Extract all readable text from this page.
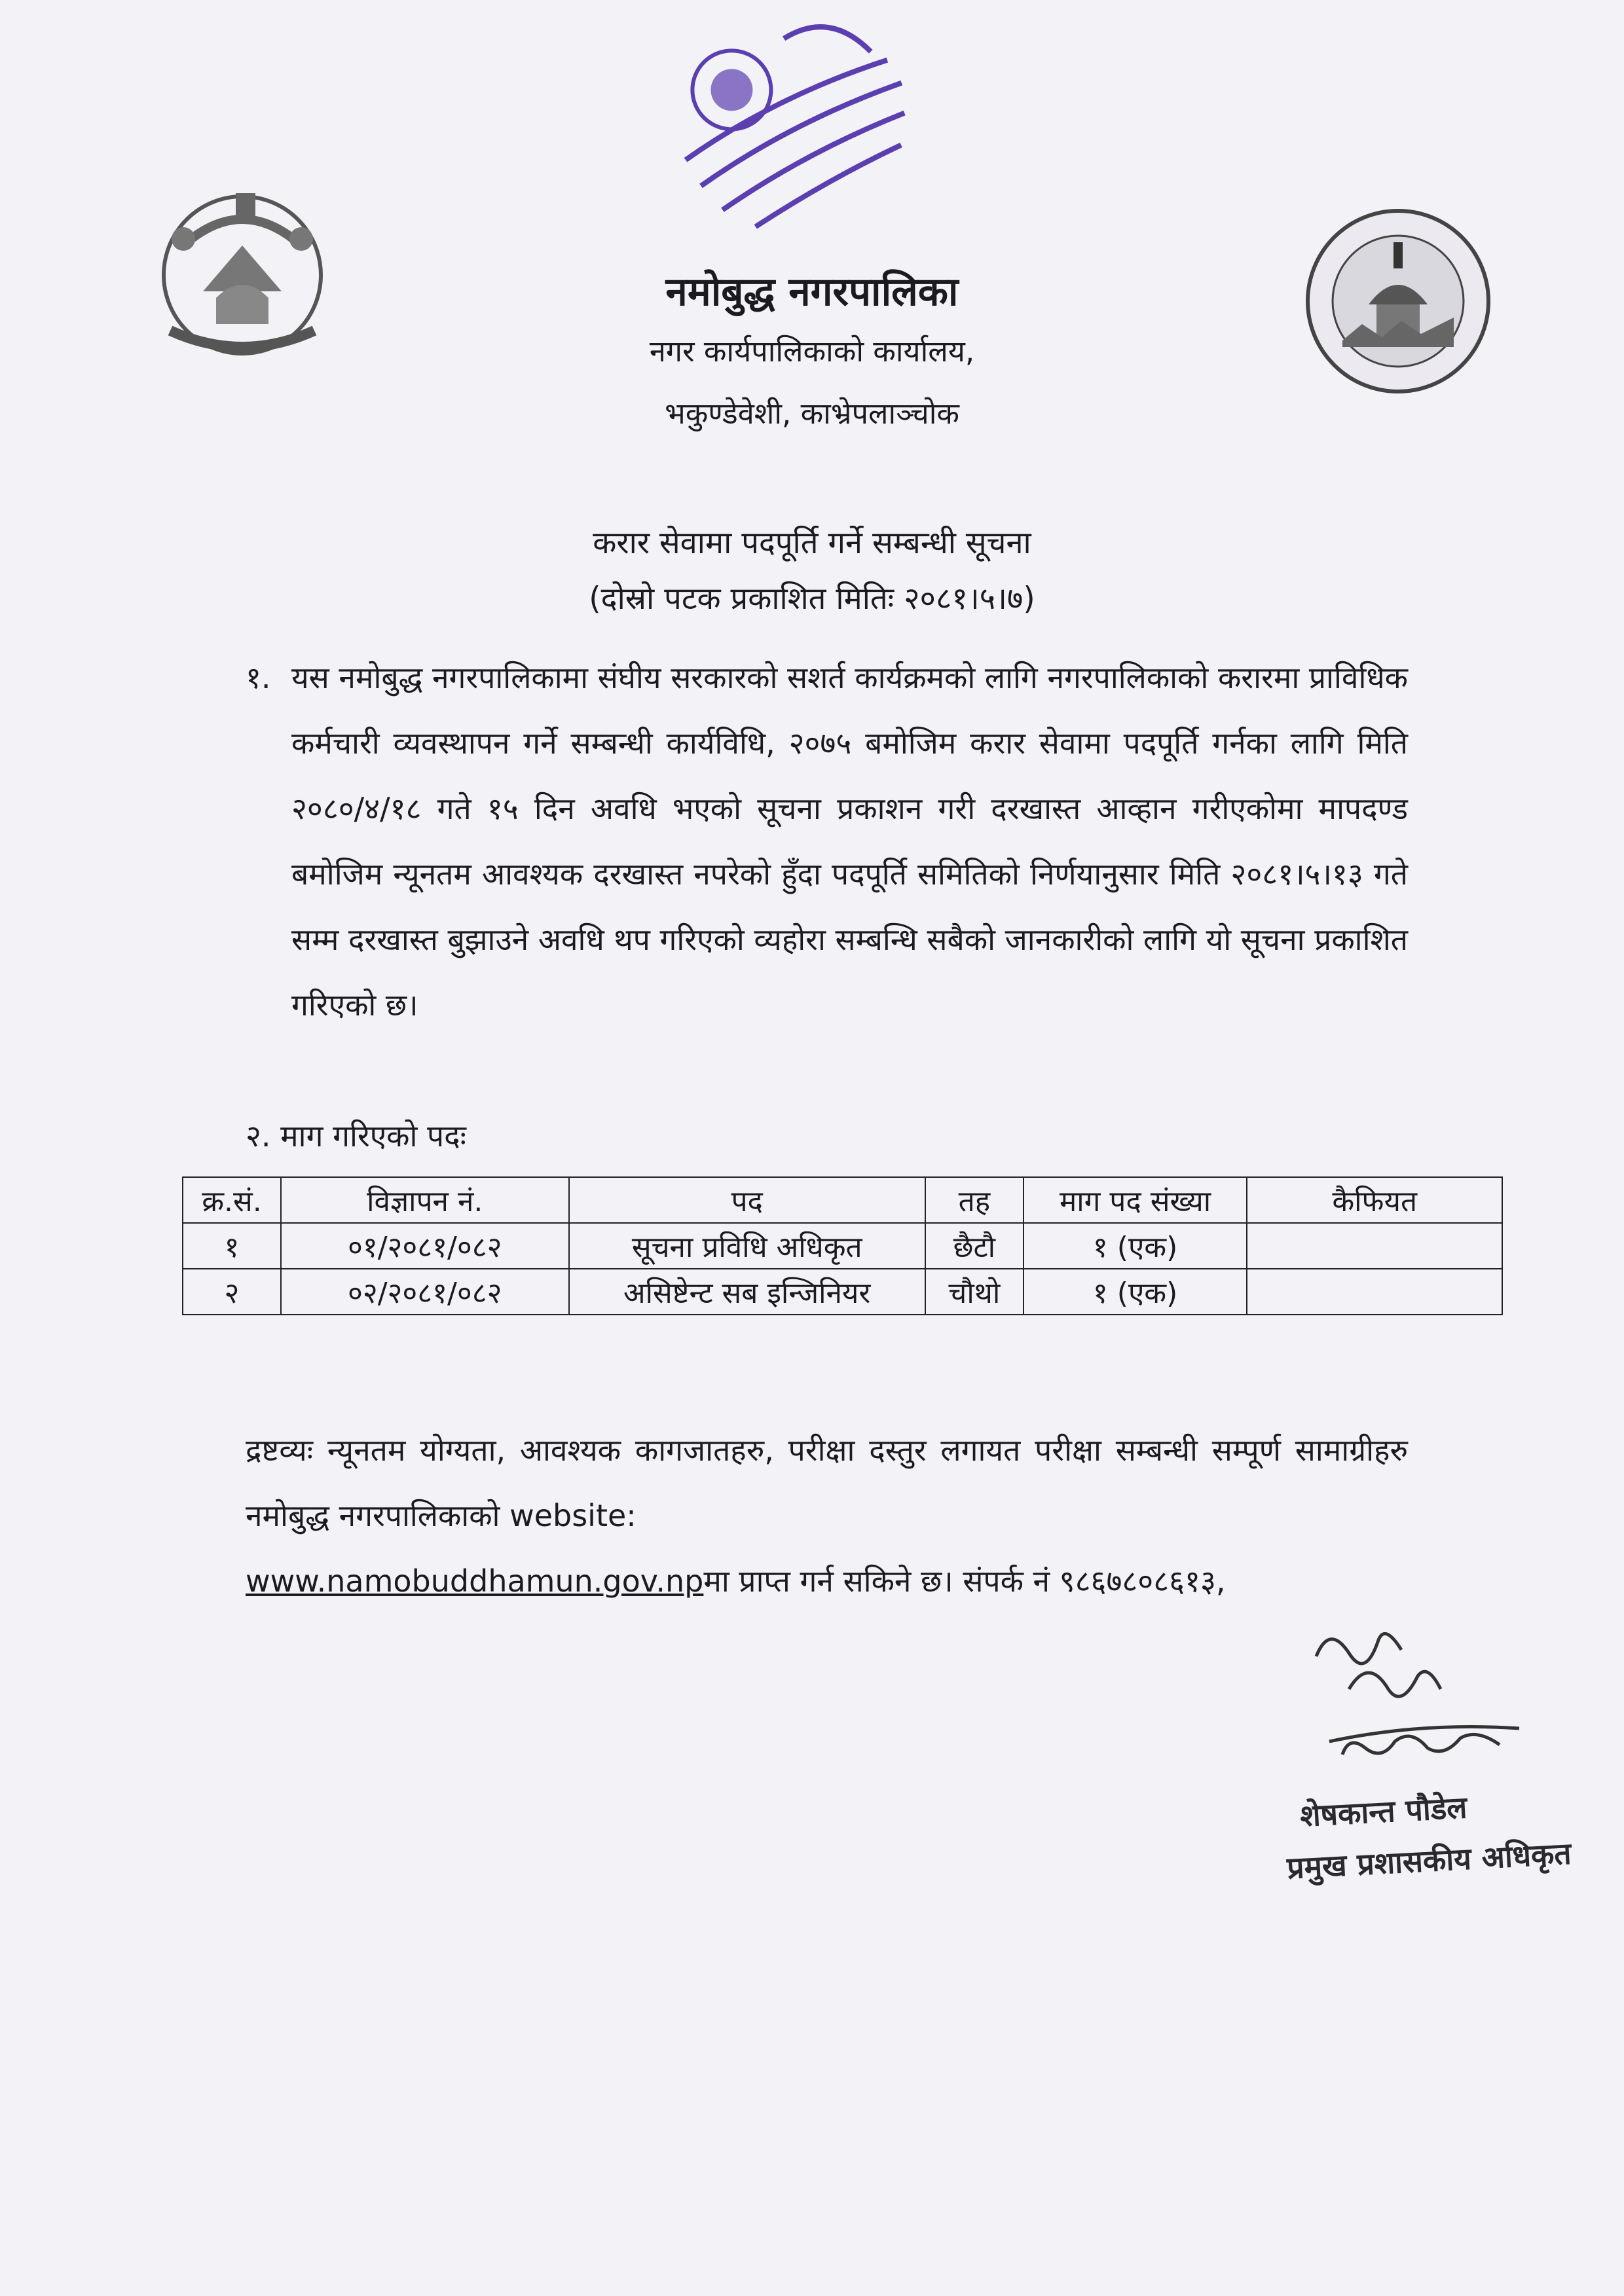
नमोबुद्ध नगरपालिका
नगर कार्यपालिकाको कार्यालय,
भकुण्डेवेशी, काभ्रेपलाञ्चोक
करार सेवामा पदपूर्ति गर्ने सम्बन्धी सूचना
(दोस्रो पटक प्रकाशित मितिः २०८१।५।७)
१. यस नमोबुद्ध नगरपालिकामा संघीय सरकारको सशर्त कार्यक्रमको लागि नगरपालिकाको करारमा प्राविधिक कर्मचारी व्यवस्थापन गर्ने सम्बन्धी कार्यविधि, २०७५ बमोजिम करार सेवामा पदपूर्ति गर्नका लागि मिति २०८०/४/१८ गते १५ दिन अवधि भएको सूचना प्रकाशन गरी दरखास्त आव्हान गरीएकोमा मापदण्ड बमोजिम न्यूनतम आवश्यक दरखास्त नपरेको हुँदा पदपूर्ति समितिको निर्णयानुसार मिति २०८१।५।१३ गते सम्म दरखास्त बुझाउने अवधि थप गरिएको व्यहोरा सम्बन्धि सबैको जानकारीको लागि यो सूचना प्रकाशित गरिएको छ।
२. माग गरिएको पदः
क्र.सं.	विज्ञापन नं.	पद	तह	माग पद संख्या	कैफियत
१	०१/२०८१/०८२	सूचना प्रविधि अधिकृत	छैटौ	१ (एक)	
२	०२/२०८१/०८२	असिष्टेन्ट सब इन्जिनियर	चौथो	१ (एक)	
द्रष्टव्यः न्यूनतम योग्यता, आवश्यक कागजातहरु, परीक्षा दस्तुर लगायत परीक्षा सम्बन्धी सम्पूर्ण सामाग्रीहरु नमोबुद्ध नगरपालिकाको website:
www.namobuddhamun.gov.npमा प्राप्त गर्न सकिने छ। संपर्क नं ९८६७८०८६१३,
शेषकान्त पौडेल
प्रमुख प्रशासकीय अधिकृत
